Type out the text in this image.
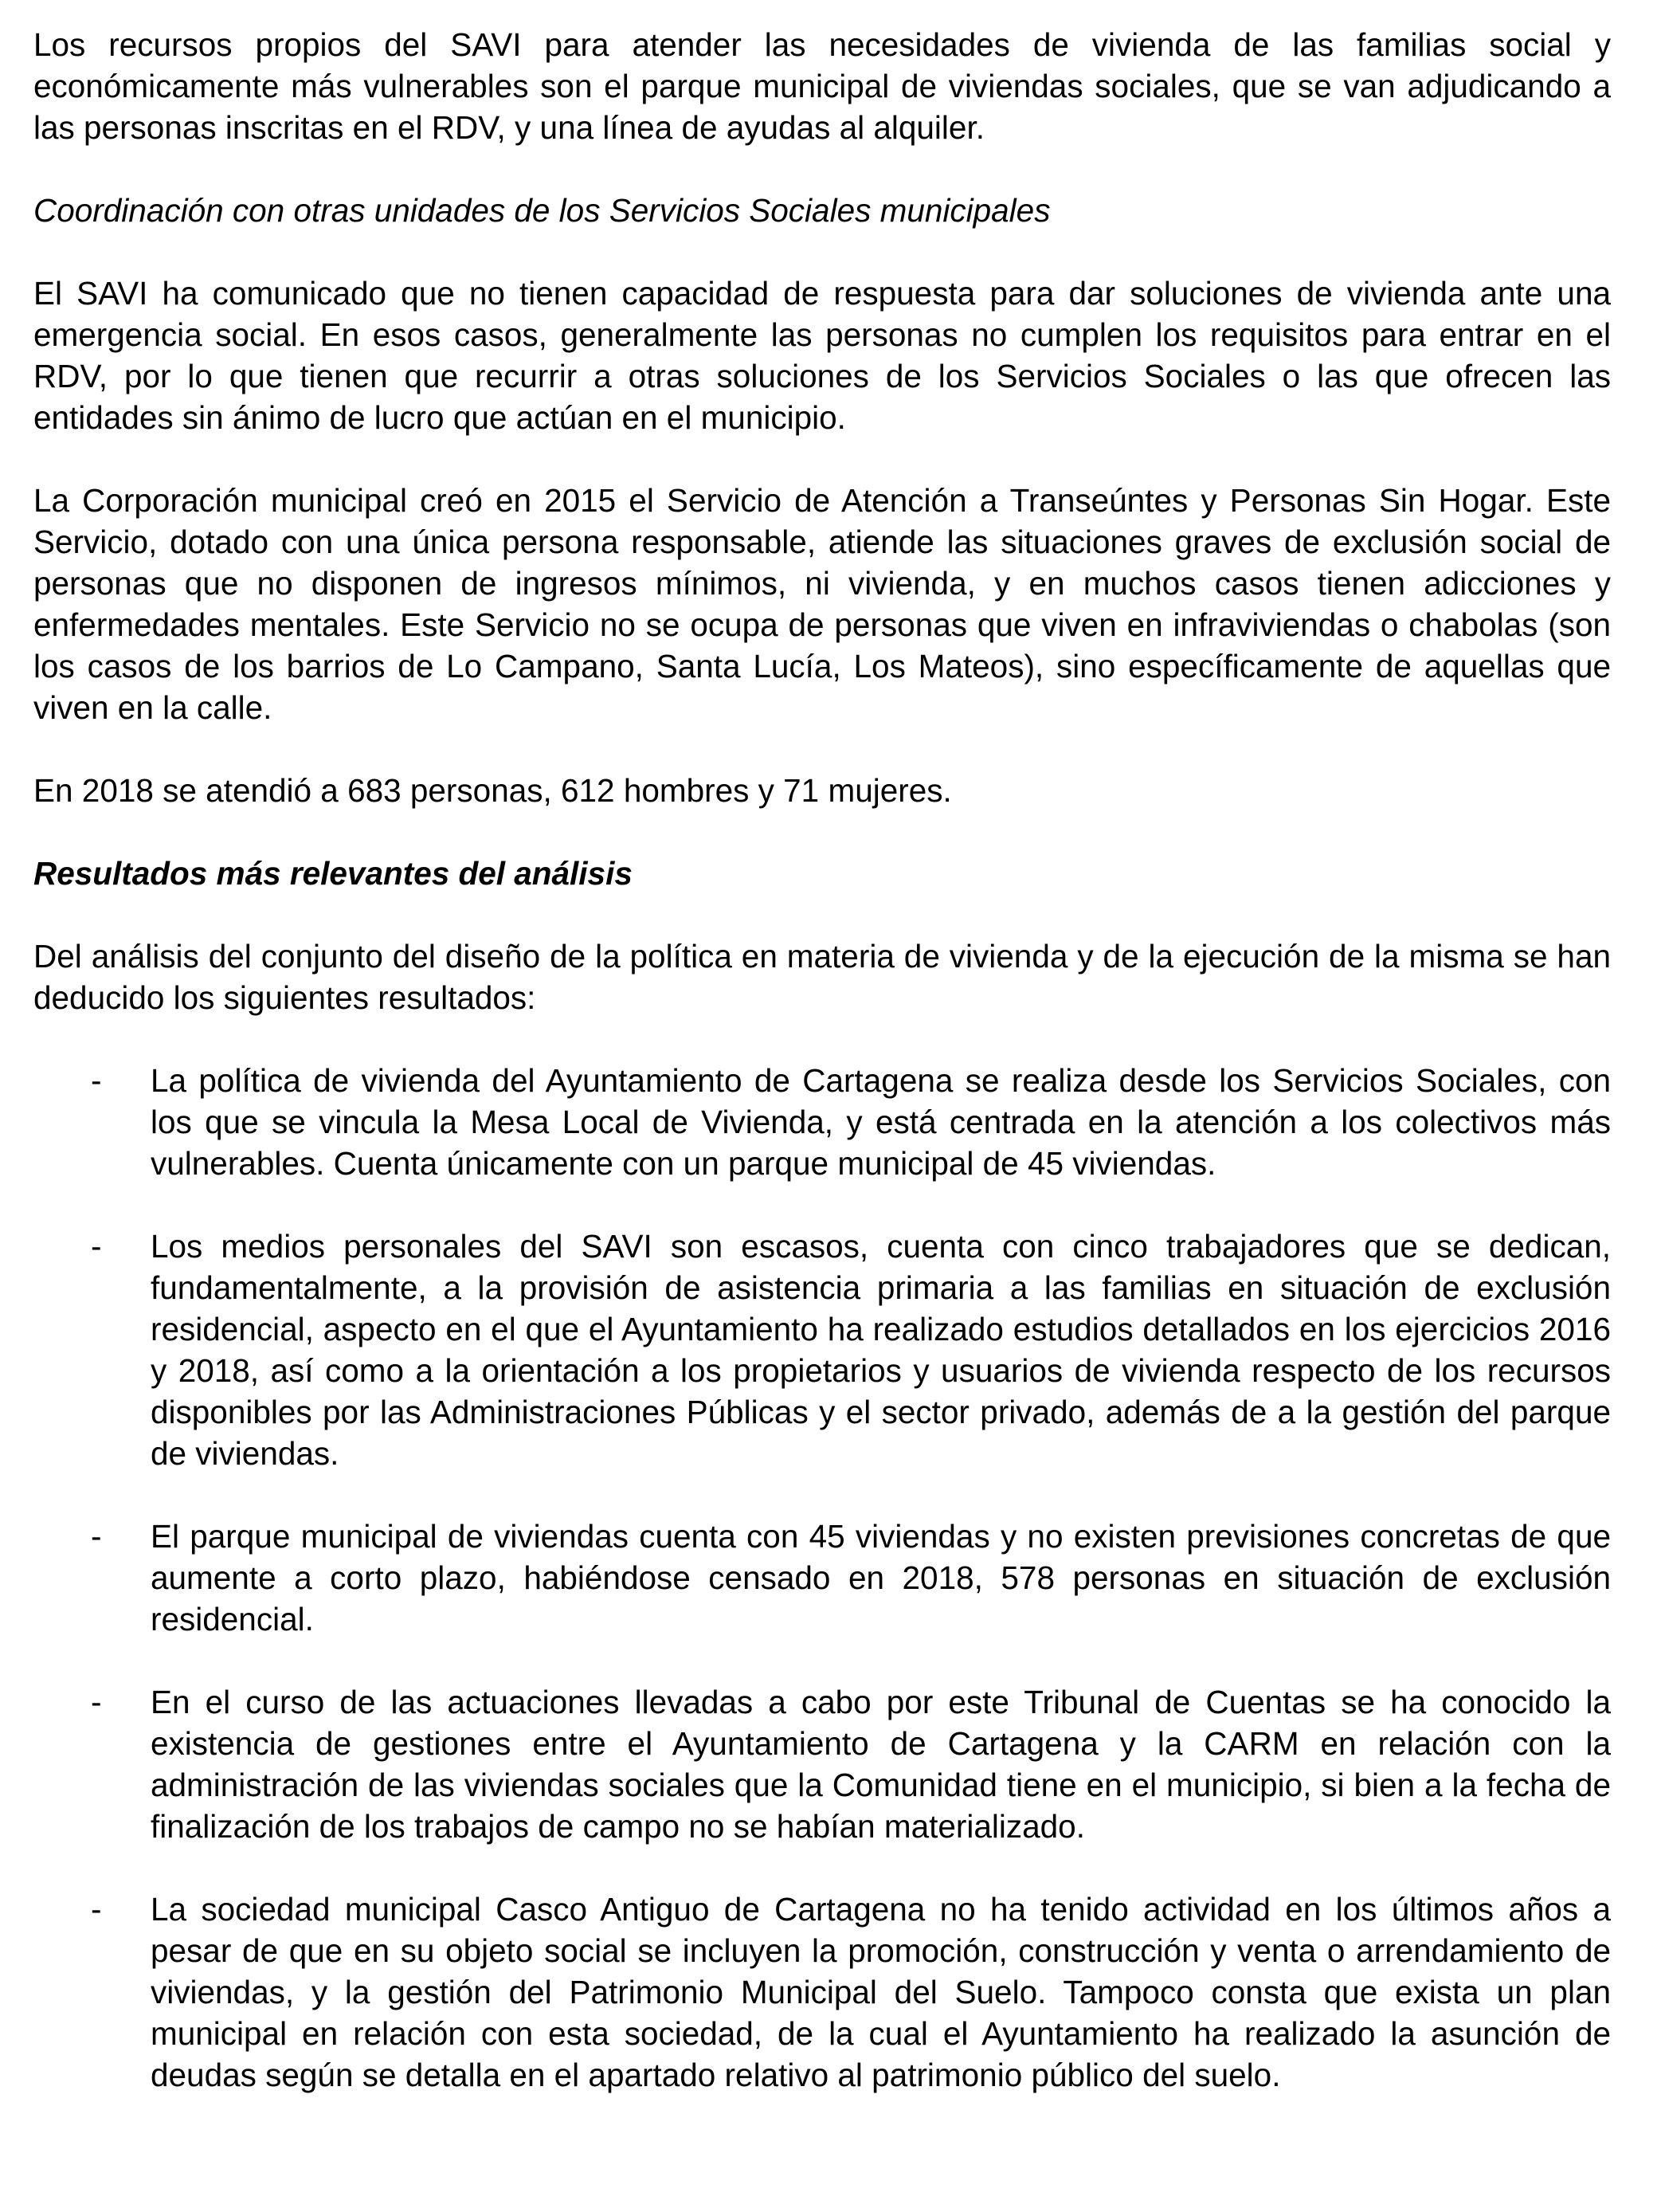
Los recursos propios del SAVI para atender las necesidades de vivienda de las familias social y económicamente más vulnerables son el parque municipal de viviendas sociales, que se van adjudicando a las personas inscritas en el RDV, y una línea de ayudas al alquiler.

Coordinación con otras unidades de los Servicios Sociales municipales

El SAVI ha comunicado que no tienen capacidad de respuesta para dar soluciones de vivienda ante una emergencia social. En esos casos, generalmente las personas no cumplen los requisitos para entrar en el RDV, por lo que tienen que recurrir a otras soluciones de los Servicios Sociales o las que ofrecen las entidades sin ánimo de lucro que actúan en el municipio.

La Corporación municipal creó en 2015 el Servicio de Atención a Transeúntes y Personas Sin Hogar. Este Servicio, dotado con una única persona responsable, atiende las situaciones graves de exclusión social de personas que no disponen de ingresos mínimos, ni vivienda, y en muchos casos tienen adicciones y enfermedades mentales. Este Servicio no se ocupa de personas que viven en infraviviendas o chabolas (son los casos de los barrios de Lo Campano, Santa Lucía, Los Mateos), sino específicamente de aquellas que viven en la calle.

En 2018 se atendió a 683 personas, 612 hombres y 71 mujeres.

Resultados más relevantes del análisis

Del análisis del conjunto del diseño de la política en materia de vivienda y de la ejecución de la misma se han deducido los siguientes resultados:

- La política de vivienda del Ayuntamiento de Cartagena se realiza desde los Servicios Sociales, con los que se vincula la Mesa Local de Vivienda, y está centrada en la atención a los colectivos más vulnerables. Cuenta únicamente con un parque municipal de 45 viviendas.
- Los medios personales del SAVI son escasos, cuenta con cinco trabajadores que se dedican, fundamentalmente, a la provisión de asistencia primaria a las familias en situación de exclusión residencial, aspecto en el que el Ayuntamiento ha realizado estudios detallados en los ejercicios 2016 y 2018, así como a la orientación a los propietarios y usuarios de vivienda respecto de los recursos disponibles por las Administraciones Públicas y el sector privado, además de a la gestión del parque de viviendas.
- El parque municipal de viviendas cuenta con 45 viviendas y no existen previsiones concretas de que aumente a corto plazo, habiéndose censado en 2018, 578 personas en situación de exclusión residencial.
- En el curso de las actuaciones llevadas a cabo por este Tribunal de Cuentas se ha conocido la existencia de gestiones entre el Ayuntamiento de Cartagena y la CARM en relación con la administración de las viviendas sociales que la Comunidad tiene en el municipio, si bien a la fecha de finalización de los trabajos de campo no se habían materializado.
- La sociedad municipal Casco Antiguo de Cartagena no ha tenido actividad en los últimos años a pesar de que en su objeto social se incluyen la promoción, construcción y venta o arrendamiento de viviendas, y la gestión del Patrimonio Municipal del Suelo. Tampoco consta que exista un plan municipal en relación con esta sociedad, de la cual el Ayuntamiento ha realizado la asunción de deudas según se detalla en el apartado relativo al patrimonio público del suelo.
